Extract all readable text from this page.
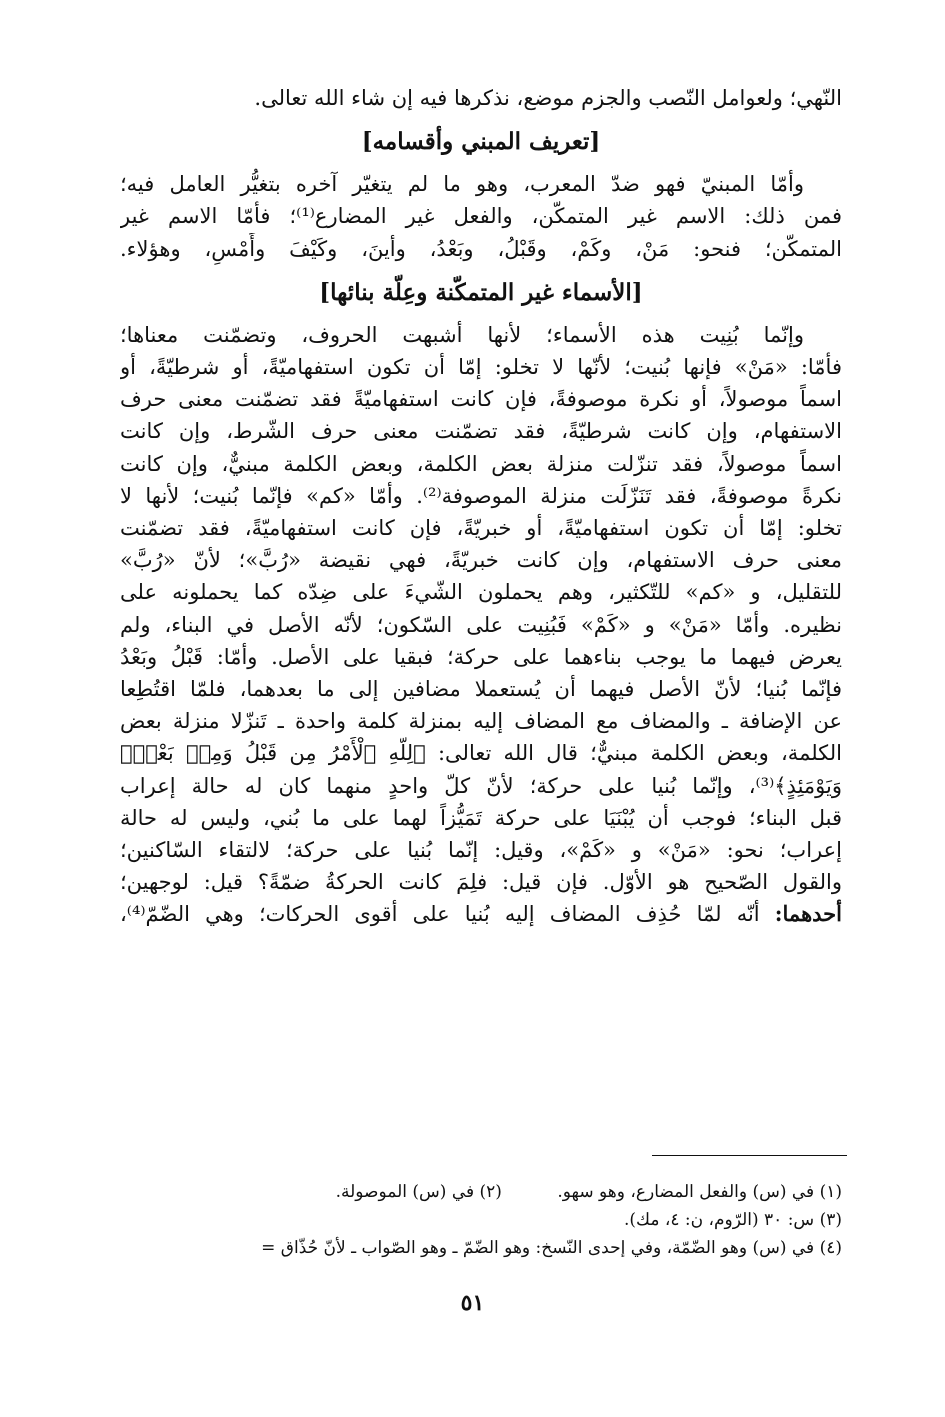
النّهي؛ ولعوامل النّصب والجزم موضع، نذكرها فيه إن شاء الله تعالى.
[تعريف المبني وأقسامه]
وأمّا المبنيّ فهو ضدّ المعرب، وهو ما لم يتغيّر آخره بتغيُّر العامل فيه؛
فمن ذلك: الاسم غير المتمكّن، والفعل غير المضارع⁽¹⁾؛ فأمّا الاسم غير
المتمكّن؛ فنحو: مَنْ، وكَمْ، وقَبْلُ، وبَعْدُ، وأينَ، وكَيْفَ وأَمْسِ، وهؤلاء.
[الأسماء غير المتمكّنة وعِلّة بنائها]
وإنّما بُنِيت هذه الأسماء؛ لأنها أشبهت الحروف، وتضمّنت معناها؛
فأمّا: «مَنْ» فإنها بُنيت؛ لأنّها لا تخلو: إمّا أن تكون استفهاميّةً، أو شرطيّةً، أو
اسماً موصولاً، أو نكرة موصوفةً، فإن كانت استفهاميّةً فقد تضمّنت معنى حرف
الاستفهام، وإن كانت شرطيّةً، فقد تضمّنت معنى حرف الشّرط، وإن كانت
اسماً موصولاً، فقد تنزّلت منزلة بعض الكلمة، وبعض الكلمة مبنيٌّ، وإن كانت
نكرةً موصوفةً، فقد تَنَزّلَت منزلة الموصوفة⁽²⁾. وأمّا «كم» فإنّما بُنيت؛ لأنها لا
تخلو: إمّا أن تكون استفهاميّةً، أو خبريّةً، فإن كانت استفهاميّةً، فقد تضمّنت
معنى حرف الاستفهام، وإن كانت خبريّةً، فهي نقيضة «رُبَّ»؛ لأنّ «رُبَّ»
للتقليل، و «كم» للتّكثير، وهم يحملون الشّيءَ على ضِدّه كما يحملونه على
نظيره. وأمّا «مَنْ» و «كَمْ» فَبُنِيت على السّكون؛ لأنّه الأصل في البناء، ولم
يعرض فيهما ما يوجب بناءهما على حركة؛ فبقيا على الأصل. وأمّا: قَبْلُ وبَعْدُ
فإنّما بُنيا؛ لأنّ الأصل فيهما أن يُستعملا مضافين إلى ما بعدهما، فلمّا اقتُطِعا
عن الإضافة ـ والمضاف مع المضاف إليه بمنزلة كلمة واحدة ـ تَنزّلا منزلة بعض
الكلمة، وبعض الكلمة مبنيٌّ؛ قال الله تعالى: ﴿لِلَّهِ ٱلْأَمْرُ مِن قَبْلُ وَمِنۢ بَعْدُۚ
وَيَوْمَئِذٍ﴾⁽³⁾، وإنّما بُنيا على حركة؛ لأنّ كلّ واحدٍ منهما كان له حالة إعراب
قبل البناء؛ فوجب أن يُبْنَيَا على حركة تَمَيُّزاً لهما على ما بُني، وليس له حالة
إعراب؛ نحو: «مَنْ» و «كَمْ»، وقيل: إنّما بُنيا على حركة؛ لالتقاء السّاكنين؛
والقول الصّحيح هو الأوّل. فإن قيل: فلِمَ كانت الحركةُ ضمّةً؟ قيل: لوجهين؛
أحدهما: أنّه لمّا حُذِف المضاف إليه بُنيا على أقوى الحركات؛ وهي الضّمّ⁽⁴⁾،
(١) في (س) والفعل المضارع، وهو سهو. (٢) في (س) الموصولة.
(٣) س: ٣٠ (الرّوم، ن: ٤، مك).
(٤) في (س) وهو الضّمّة، وفي إحدى النّسخ: وهو الضّمّ ـ وهو الصّواب ـ لأنّ حُذّاق =
٥١
